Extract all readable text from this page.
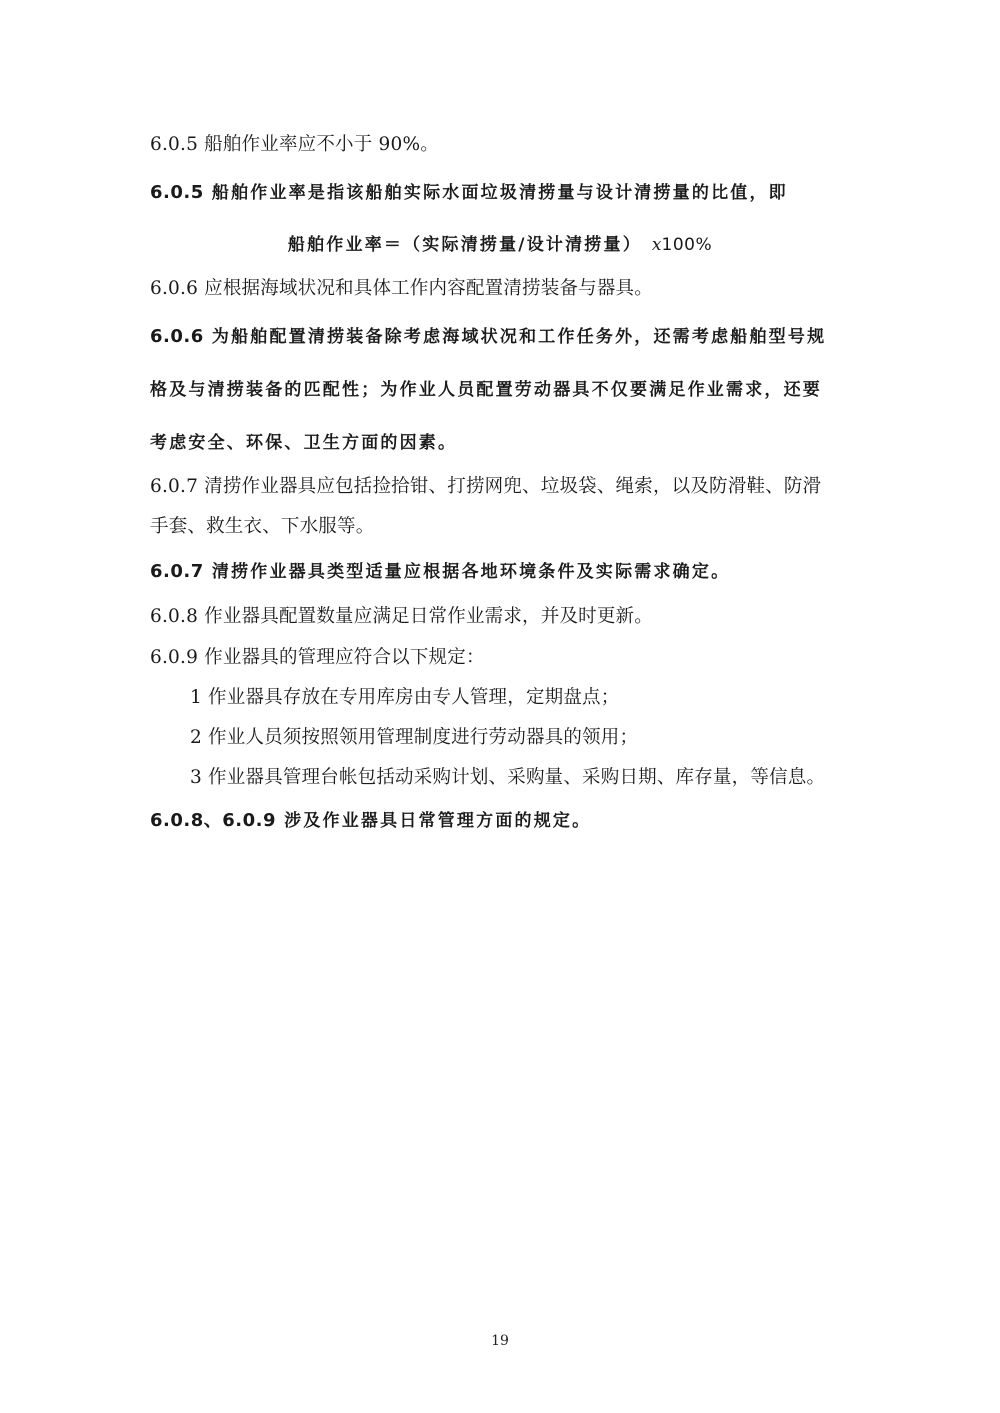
6.0.5 船舶作业率应不小于 90%。

6.0.5 船舶作业率是指该船舶实际水面垃圾清捞量与设计清捞量的比值，即

船舶作业率＝（实际清捞量/设计清捞量） x100%

6.0.6 应根据海域状况和具体工作内容配置清捞装备与器具。

6.0.6 为船舶配置清捞装备除考虑海域状况和工作任务外，还需考虑船舶型号规

格及与清捞装备的匹配性；为作业人员配置劳动器具不仅要满足作业需求，还要

考虑安全、环保、卫生方面的因素。

6.0.7 清捞作业器具应包括捡拾钳、打捞网兜、垃圾袋、绳索，以及防滑鞋、防滑

手套、救生衣、下水服等。

6.0.7 清捞作业器具类型适量应根据各地环境条件及实际需求确定。

6.0.8 作业器具配置数量应满足日常作业需求，并及时更新。

6.0.9 作业器具的管理应符合以下规定：

1 作业器具存放在专用库房由专人管理，定期盘点；

2 作业人员须按照领用管理制度进行劳动器具的领用；

3 作业器具管理台帐包括动采购计划、采购量、采购日期、库存量，等信息。

6.0.8、6.0.9 涉及作业器具日常管理方面的规定。

19
